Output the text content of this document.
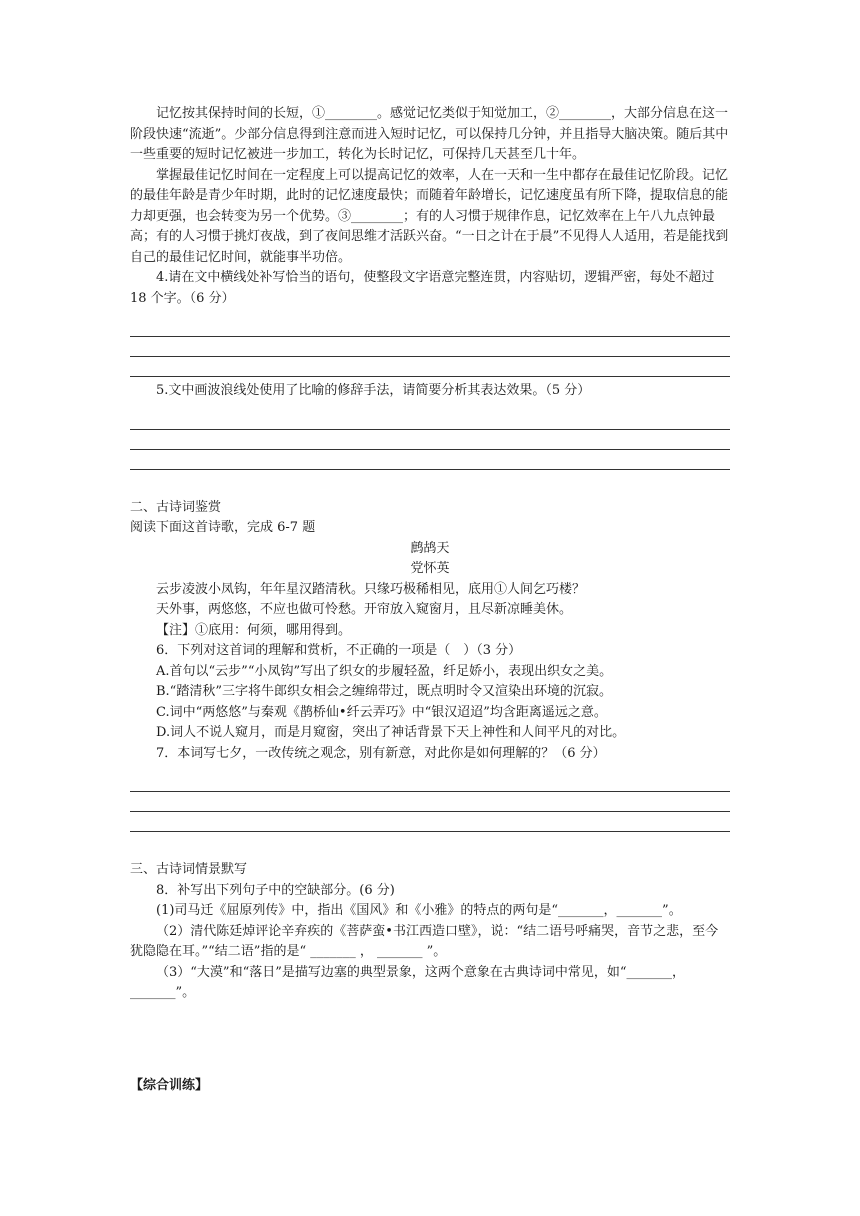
记忆按其保持时间的长短，①________。感觉记忆类似于知觉加工，②________，大部分信息在这一阶段快速“流逝”。少部分信息得到注意而进入短时记忆，可以保持几分钟，并且指导大脑决策。随后其中一些重要的短时记忆被进一步加工，转化为长时记忆，可保持几天甚至几十年。

掌握最佳记忆时间在一定程度上可以提高记忆的效率，人在一天和一生中都存在最佳记忆阶段。记忆的最佳年龄是青少年时期，此时的记忆速度最快；而随着年龄增长，记忆速度虽有所下降，提取信息的能力却更强，也会转变为另一个优势。③________；有的人习惯于规律作息，记忆效率在上午八九点钟最高；有的人习惯于挑灯夜战，到了夜间思维才活跃兴奋。“一日之计在于晨”不见得人人适用，若是能找到自己的最佳记忆时间，就能事半功倍。

4.请在文中横线处补写恰当的语句，使整段文字语意完整连贯，内容贴切，逻辑严密，每处不超过 18 个字。（6 分）

5.文中画波浪线处使用了比喻的修辞手法，请简要分析其表达效果。（5 分）

二、古诗词鉴赏

阅读下面这首诗歌，完成 6-7 题

鹧鸪天

党怀英

云步凌波小凤钩，年年星汉踏清秋。只缘巧极稀相见，底用①人间乞巧楼？

天外事，两悠悠，不应也做可怜愁。开帘放入窥窗月，且尽新凉睡美休。

【注】①底用：何须，哪用得到。

6．下列对这首词的理解和赏析，不正确的一项是（　）（3 分）

A.首句以“云步”“小凤钩”写出了织女的步履轻盈，纤足娇小，表现出织女之美。

B.“踏清秋”三字将牛郎织女相会之缠绵带过，既点明时令又渲染出环境的沉寂。

C.词中“两悠悠”与秦观《鹊桥仙•纤云弄巧》中“银汉迢迢”均含距离遥远之意。

D.词人不说人窥月，而是月窥窗，突出了神话背景下天上神性和人间平凡的对比。

7．本词写七夕，一改传统之观念，别有新意，对此你是如何理解的？（6 分）

三、古诗词情景默写

8．补写出下列句子中的空缺部分。(6 分)

(1)司马迁《屈原列传》中，指出《国风》和《小雅》的特点的两句是“_______，_______”。

（2）清代陈廷焯评论辛弃疾的《菩萨蛮•书江西造口壁》，说：“结二语号呼痛哭，音节之悲，至今犹隐隐在耳。”“结二语”指的是“ _______ ， _______ ”。

（3）“大漠”和“落日”是描写边塞的典型景象，这两个意象在古典诗词中常见，如“_______，_______”。

【综合训练】
